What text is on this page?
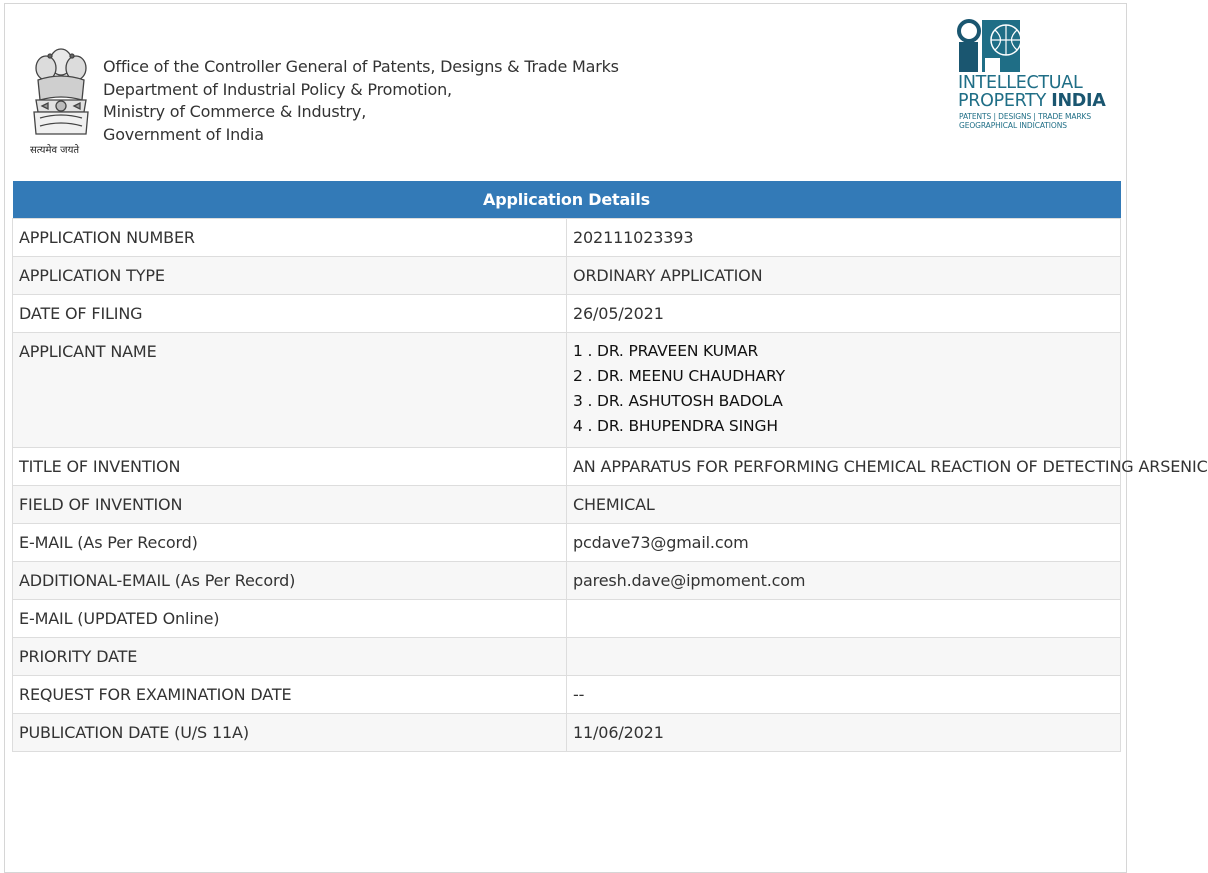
सत्यमेव जयते
Office of the Controller General of Patents, Designs & Trade Marks
Department of Industrial Policy & Promotion,
Ministry of Commerce & Industry,
Government of India
INTELLECTUAL
PROPERTY INDIA
PATENTS | DESIGNS | TRADE MARKS
GEOGRAPHICAL INDICATIONS
Application Details	
APPLICATION NUMBER	202111023393
APPLICATION TYPE	ORDINARY APPLICATION
DATE OF FILING	26/05/2021
APPLICANT NAME	1 . DR. PRAVEEN KUMAR
2 . DR. MEENU CHAUDHARY
3 . DR. ASHUTOSH BADOLA
4 . DR. BHUPENDRA SINGH

TITLE OF INVENTION	AN APPARATUS FOR PERFORMING CHEMICAL REACTION OF DETECTING ARSENIC
FIELD OF INVENTION	CHEMICAL
E-MAIL (As Per Record)	pcdave73@gmail.com
ADDITIONAL-EMAIL (As Per Record)	paresh.dave@ipmoment.com
E-MAIL (UPDATED Online)	
PRIORITY DATE	
REQUEST FOR EXAMINATION DATE	--
PUBLICATION DATE (U/S 11A)	11/06/2021
